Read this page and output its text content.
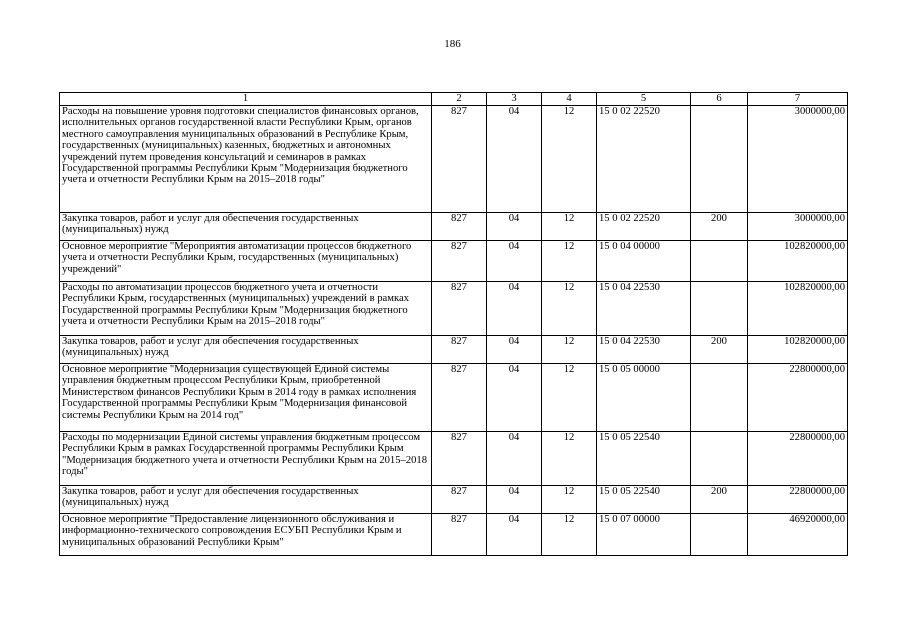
186
1	2	3	4	5	6	7
Расходы на повышение уровня подготовки специалистов финансовых органов, исполнительных органов государственной власти Республики Крым, органов местного самоуправления муниципальных образований в Республике Крым, государственных (муниципальных) казенных, бюджетных и автономных учреждений путем проведения консультаций и семинаров в рамках Государственной программы Республики Крым "Модернизация бюджетного учета и отчетности Республики Крым на 2015–2018 годы"	827	04	12	15 0 02 22520		3000000,00
Закупка товаров, работ и услуг для обеспечения государственных (муниципальных) нужд	827	04	12	15 0 02 22520	200	3000000,00
Основное мероприятие "Мероприятия автоматизации процессов бюджетного учета и отчетности Республики Крым, государственных (муниципальных) учреждений"	827	04	12	15 0 04 00000		102820000,00
Расходы по автоматизации процессов бюджетного учета и отчетности Республики Крым, государственных (муниципальных) учреждений в рамках Государственной программы Республики Крым "Модернизация бюджетного учета и отчетности Республики Крым на 2015–2018 годы"	827	04	12	15 0 04 22530		102820000,00
Закупка товаров, работ и услуг для обеспечения государственных (муниципальных) нужд	827	04	12	15 0 04 22530	200	102820000,00
Основное мероприятие "Модернизация существующей Единой системы управления бюджетным процессом Республики Крым, приобретенной Министерством финансов Республики Крым в 2014 году в рамках исполнения Государственной программы Республики Крым "Модернизация финансовой системы Республики Крым на 2014 год"	827	04	12	15 0 05 00000		22800000,00
Расходы по модернизации Единой системы управления бюджетным процессом Республики Крым в рамках Государственной программы Республики Крым "Модернизация бюджетного учета и отчетности Республики Крым на 2015–2018 годы"	827	04	12	15 0 05 22540		22800000,00
Закупка товаров, работ и услуг для обеспечения государственных (муниципальных) нужд	827	04	12	15 0 05 22540	200	22800000,00
Основное мероприятие "Предоставление лицензионного обслуживания и информационно-технического сопровождения ЕСУБП Республики Крым и муниципальных образований Республики Крым"	827	04	12	15 0 07 00000		46920000,00
